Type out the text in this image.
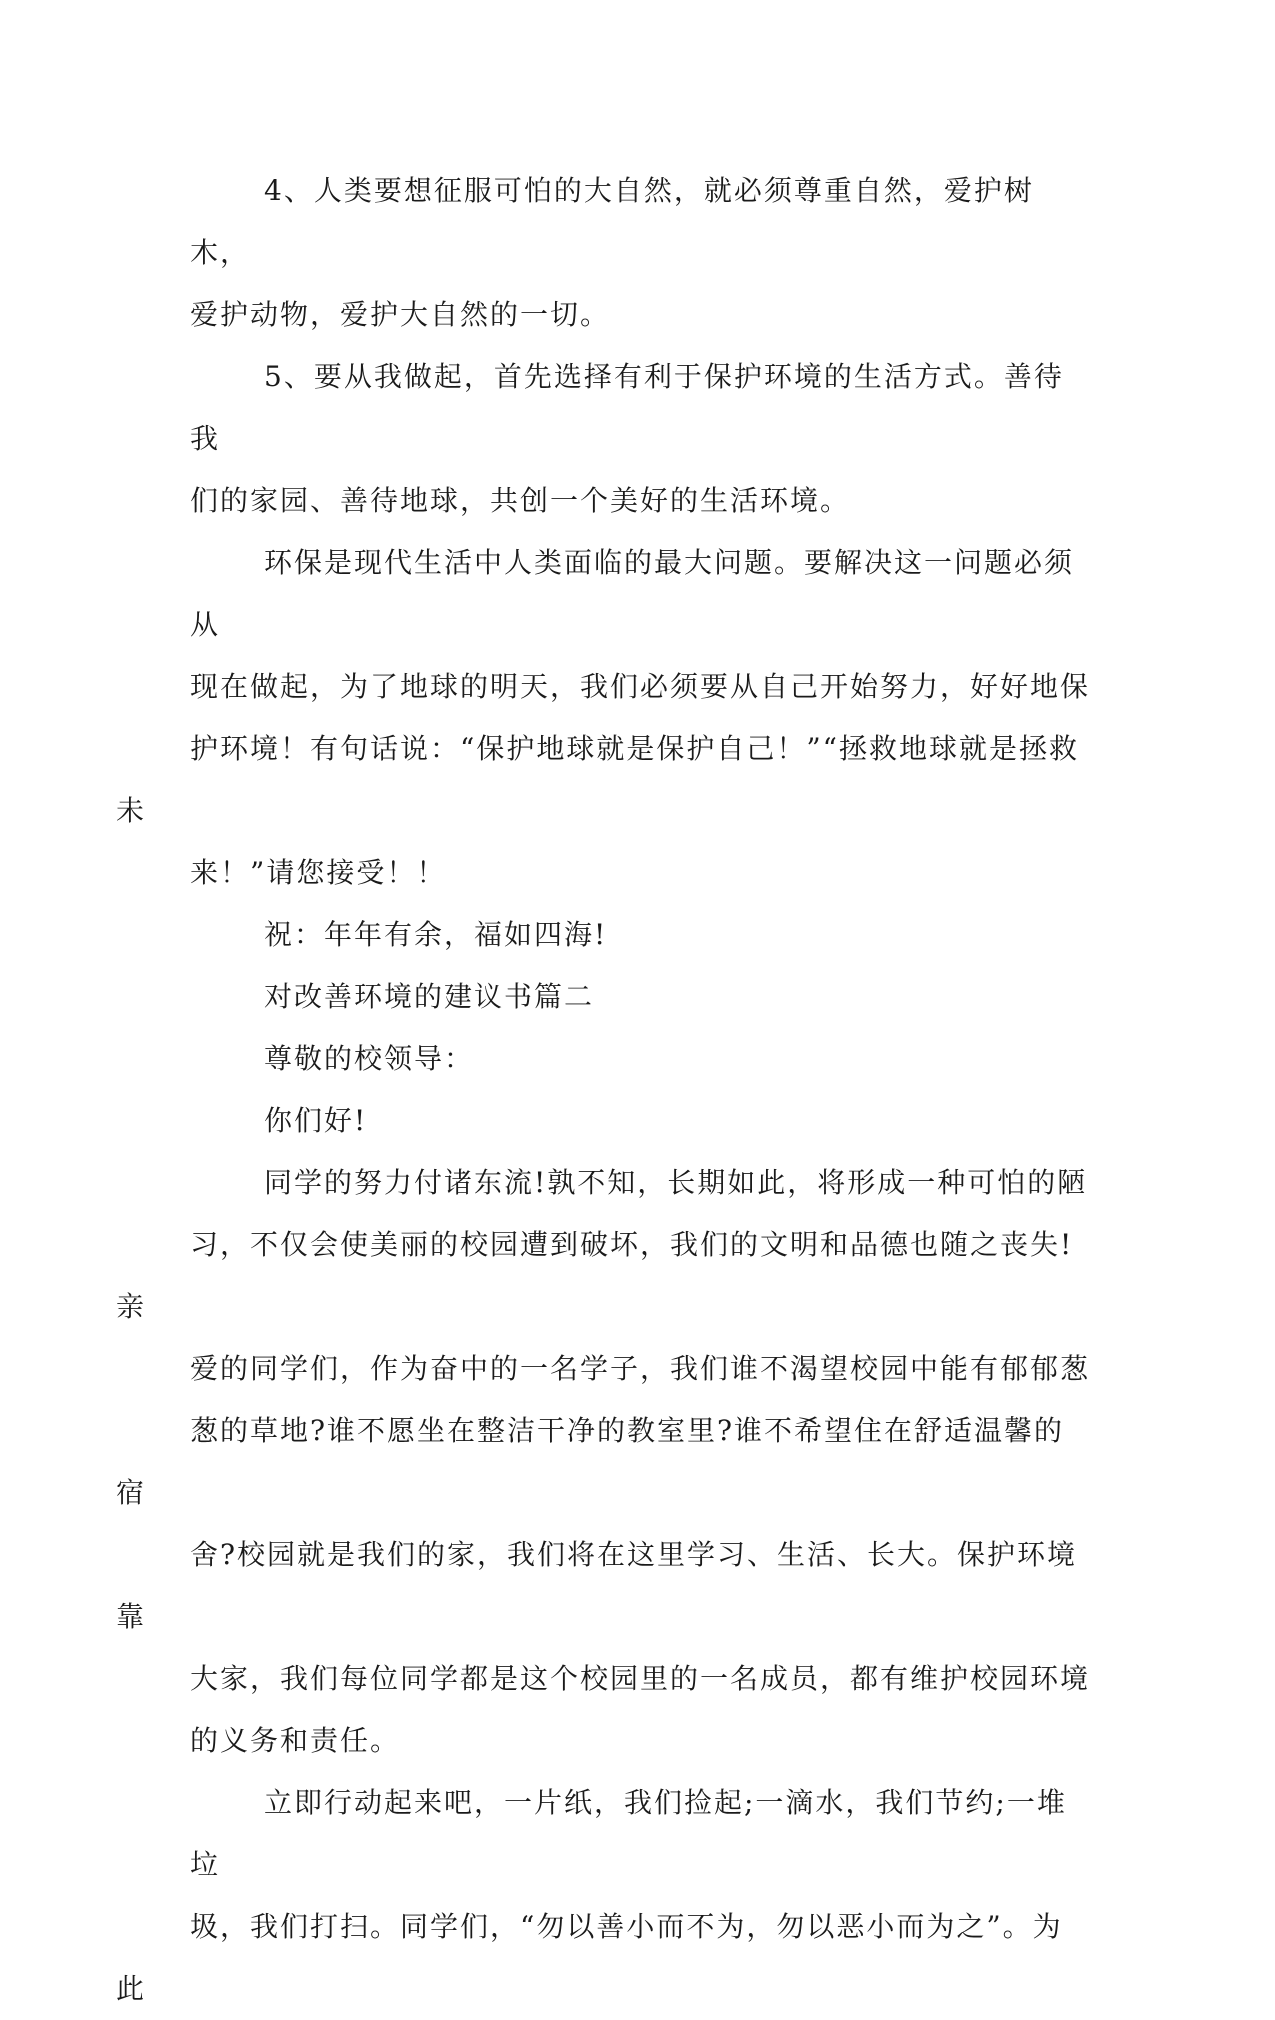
4、人类要想征服可怕的大自然，就必须尊重自然，爱护树木，
爱护动物，爱护大自然的一切。

5、要从我做起，首先选择有利于保护环境的生活方式。善待我
们的家园、善待地球，共创一个美好的生活环境。

环保是现代生活中人类面临的最大问题。要解决这一问题必须从
现在做起，为了地球的明天，我们必须要从自己开始努力，好好地保
护环境！有句话说：“保护地球就是保护自己！”“拯救地球就是拯救未
来！”请您接受！！

祝：年年有余，福如四海!

对改善环境的建议书篇二

尊敬的校领导：

你们好!

同学的努力付诸东流!孰不知，长期如此，将形成一种可怕的陋
习，不仅会使美丽的校园遭到破坏，我们的文明和品德也随之丧失!亲
爱的同学们，作为奋中的一名学子，我们谁不渴望校园中能有郁郁葱
葱的草地?谁不愿坐在整洁干净的教室里?谁不希望住在舒适温馨的宿
舍?校园就是我们的家，我们将在这里学习、生活、长大。保护环境靠
大家，我们每位同学都是这个校园里的一名成员，都有维护校园环境
的义务和责任。

立即行动起来吧，一片纸，我们捡起;一滴水，我们节约;一堆垃
圾，我们打扫。同学们，“勿以善小而不为，勿以恶小而为之”。为此
